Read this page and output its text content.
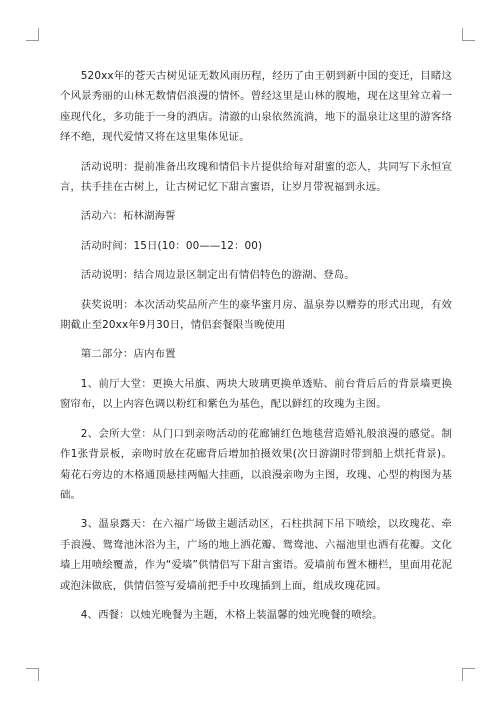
520xx年的苍天古树见证无数风雨历程，经历了由王朝到新中国的变迁，目睹这个风景秀丽的山林无数情侣浪漫的情怀。曾经这里是山林的腹地，现在这里耸立着一座现代化，多功能于一身的酒店。清澈的山泉依然流淌，地下的温泉让这里的游客络绎不绝，现代爱情又将在这里集体见证。

活动说明：提前准备出玫瑰和情侣卡片提供给每对甜蜜的恋人，共同写下永恒宣言，扶手挂在古树上，让古树记忆下甜言蜜语，让岁月带祝福到永远。

活动六：柘林湖海誓

活动时间：15日(10：00——12：00)

活动说明：结合周边景区制定出有情侣特色的游湖、登岛。

获奖说明：本次活动奖品所产生的豪华蜜月房、温泉券以赠券的形式出现，有效期截止至20xx年9月30日，情侣套餐限当晚使用

第二部分：店内布置

1、前厅大堂：更换大吊旗、两块大玻璃更换单透贴、前台背后后的背景墙更换窗帘布，以上内容色调以粉红和紫色为基色，配以鲜红的玫瑰为主图。

2、会所大堂：从门口到亲吻活动的花廊铺红色地毯营造婚礼般浪漫的感觉。制作1张背景板，亲吻时放在花廊背后增加拍摄效果(次日游湖时带到船上烘托背景)。菊花石旁边的木格通顶悬挂两幅大挂画，以浪漫亲吻为主图，玫瑰、心型的构图为基础。

3、温泉露天：在六福广场做主题活动区，石柱拱洞下吊下喷绘，以玫瑰花、牵手浪漫、鸳鸯池沐浴为主，广场的地上洒花瓣、鸳鸯池、六福池里也洒有花瓣。文化墙上用喷绘覆盖，作为“爱墙”供情侣写下甜言蜜语。爱墙前布置木栅栏，里面用花泥或泡沫做底，供情侣签写爱墙前把手中玫瑰插到上面，组成玫瑰花园。

4、西餐：以烛光晚餐为主题，木格上装温馨的烛光晚餐的喷绘。
